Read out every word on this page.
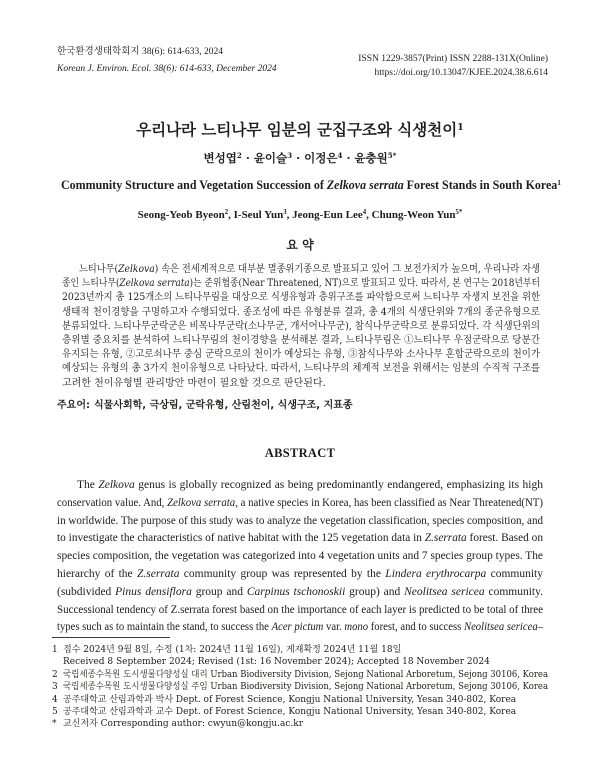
한국환경생태학회지 38(6): 614-633, 2024
Korean J. Environ. Ecol. 38(6): 614-633, December 2024
ISSN 1229-3857(Print) ISSN 2288-131X(Online)
https://doi.org/10.13047/KJEE.2024.38.6.614
우리나라 느티나무 임분의 군집구조와 식생천이$^1$
변성엽$^2$ · 윤이슬$^3$ · 이정은$^4$ · 윤충원$^{5*}$
Community Structure and Vegetation Succession of Zelkova serrata Forest Stands in South Korea$^1$
Seong-Yeob Byeon$^2$, I-Seul Yun$^3$, Jeong-Eun Lee$^4$, Chung-Weon Yun$^{5*}$
요 약
느티나무(Zelkova) 속은 전세계적으로 대부분 멸종위기종으로 발표되고 있어 그 보전가치가 높으며, 우리나라 자생
종인 느티나무(Zelkova serrata)는 준위협종(Near Threatened, NT)으로 발표되고 있다. 따라서, 본 연구는 2018년부터
2023년까지 총 125개소의 느티나무림을 대상으로 식생유형과 층위구조를 파악함으로써 느티나무 자생지 보전을 위한
생태적 천이경향을 구명하고자 수행되었다. 종조성에 따른 유형분류 결과, 총 4개의 식생단위와 7개의 종군유형으로
분류되었다. 느티나무군락군은 비목나무군락(소나무군, 개서어나무군), 참식나무군락으로 분류되었다. 각 식생단위의
층위별 중요치를 분석하여 느티나무림의 천이경향을 분석해본 결과, 느티나무림은 ①느티나무 우점군락으로 당분간
유지되는 유형, ②고로쇠나무 중심 군락으로의 천이가 예상되는 유형, ③참식나무와 소사나무 혼합군락으로의 천이가
예상되는 유형의 총 3가지 천이유형으로 나타났다. 따라서, 느티나무의 체계적 보전을 위해서는 임분의 수직적 구조를
고려한 천이유형별 관리방안 마련이 필요할 것으로 판단된다.
주요어: 식물사회학, 극상림, 군락유형, 산림천이, 식생구조, 지표종
ABSTRACT
The Zelkova genus is globally recognized as being predominantly endangered, emphasizing its high
conservation value. And, Zelkova serrata, a native species in Korea, has been classified as Near Threatened(NT)
in worldwide. The purpose of this study was to analyze the vegetation classification, species composition, and
to investigate the characteristics of native habitat with the 125 vegetation data in Z.serrata forest. Based on
species composition, the vegetation was categorized into 4 vegetation units and 7 species group types. The
hierarchy of the Z.serrata community group was represented by the Lindera erythrocarpa community
(subdivided Pinus densiflora group and Carpinus tschonoskii group) and Neolitsea sericea community.
Successional tendency of Z.serrata forest based on the importance of each layer is predicted to be total of three
types such as to maintain the stand, to success the Acer pictum var. mono forest, and to success Neolitsea sericea–
1 접수 2024년 9월 8일, 수정 (1차: 2024년 11월 16일), 게재확정 2024년 11월 18일
Received 8 September 2024; Revised (1st: 16 November 2024); Accepted 18 November 2024
2 국립세종수목원 도시생물다양성실 대리 Urban Biodiversity Division, Sejong National Arboretum, Sejong 30106, Korea
3 국립세종수목원 도시생물다양성실 주임 Urban Biodiversity Division, Sejong National Arboretum, Sejong 30106, Korea
4 공주대학교 산림과학과 박사 Dept. of Forest Science, Kongju National University, Yesan 340-802, Korea
5 공주대학교 산림과학과 교수 Dept. of Forest Science, Kongju National University, Yesan 340-802, Korea
* 교신저자 Corresponding author: cwyun@kongju.ac.kr
